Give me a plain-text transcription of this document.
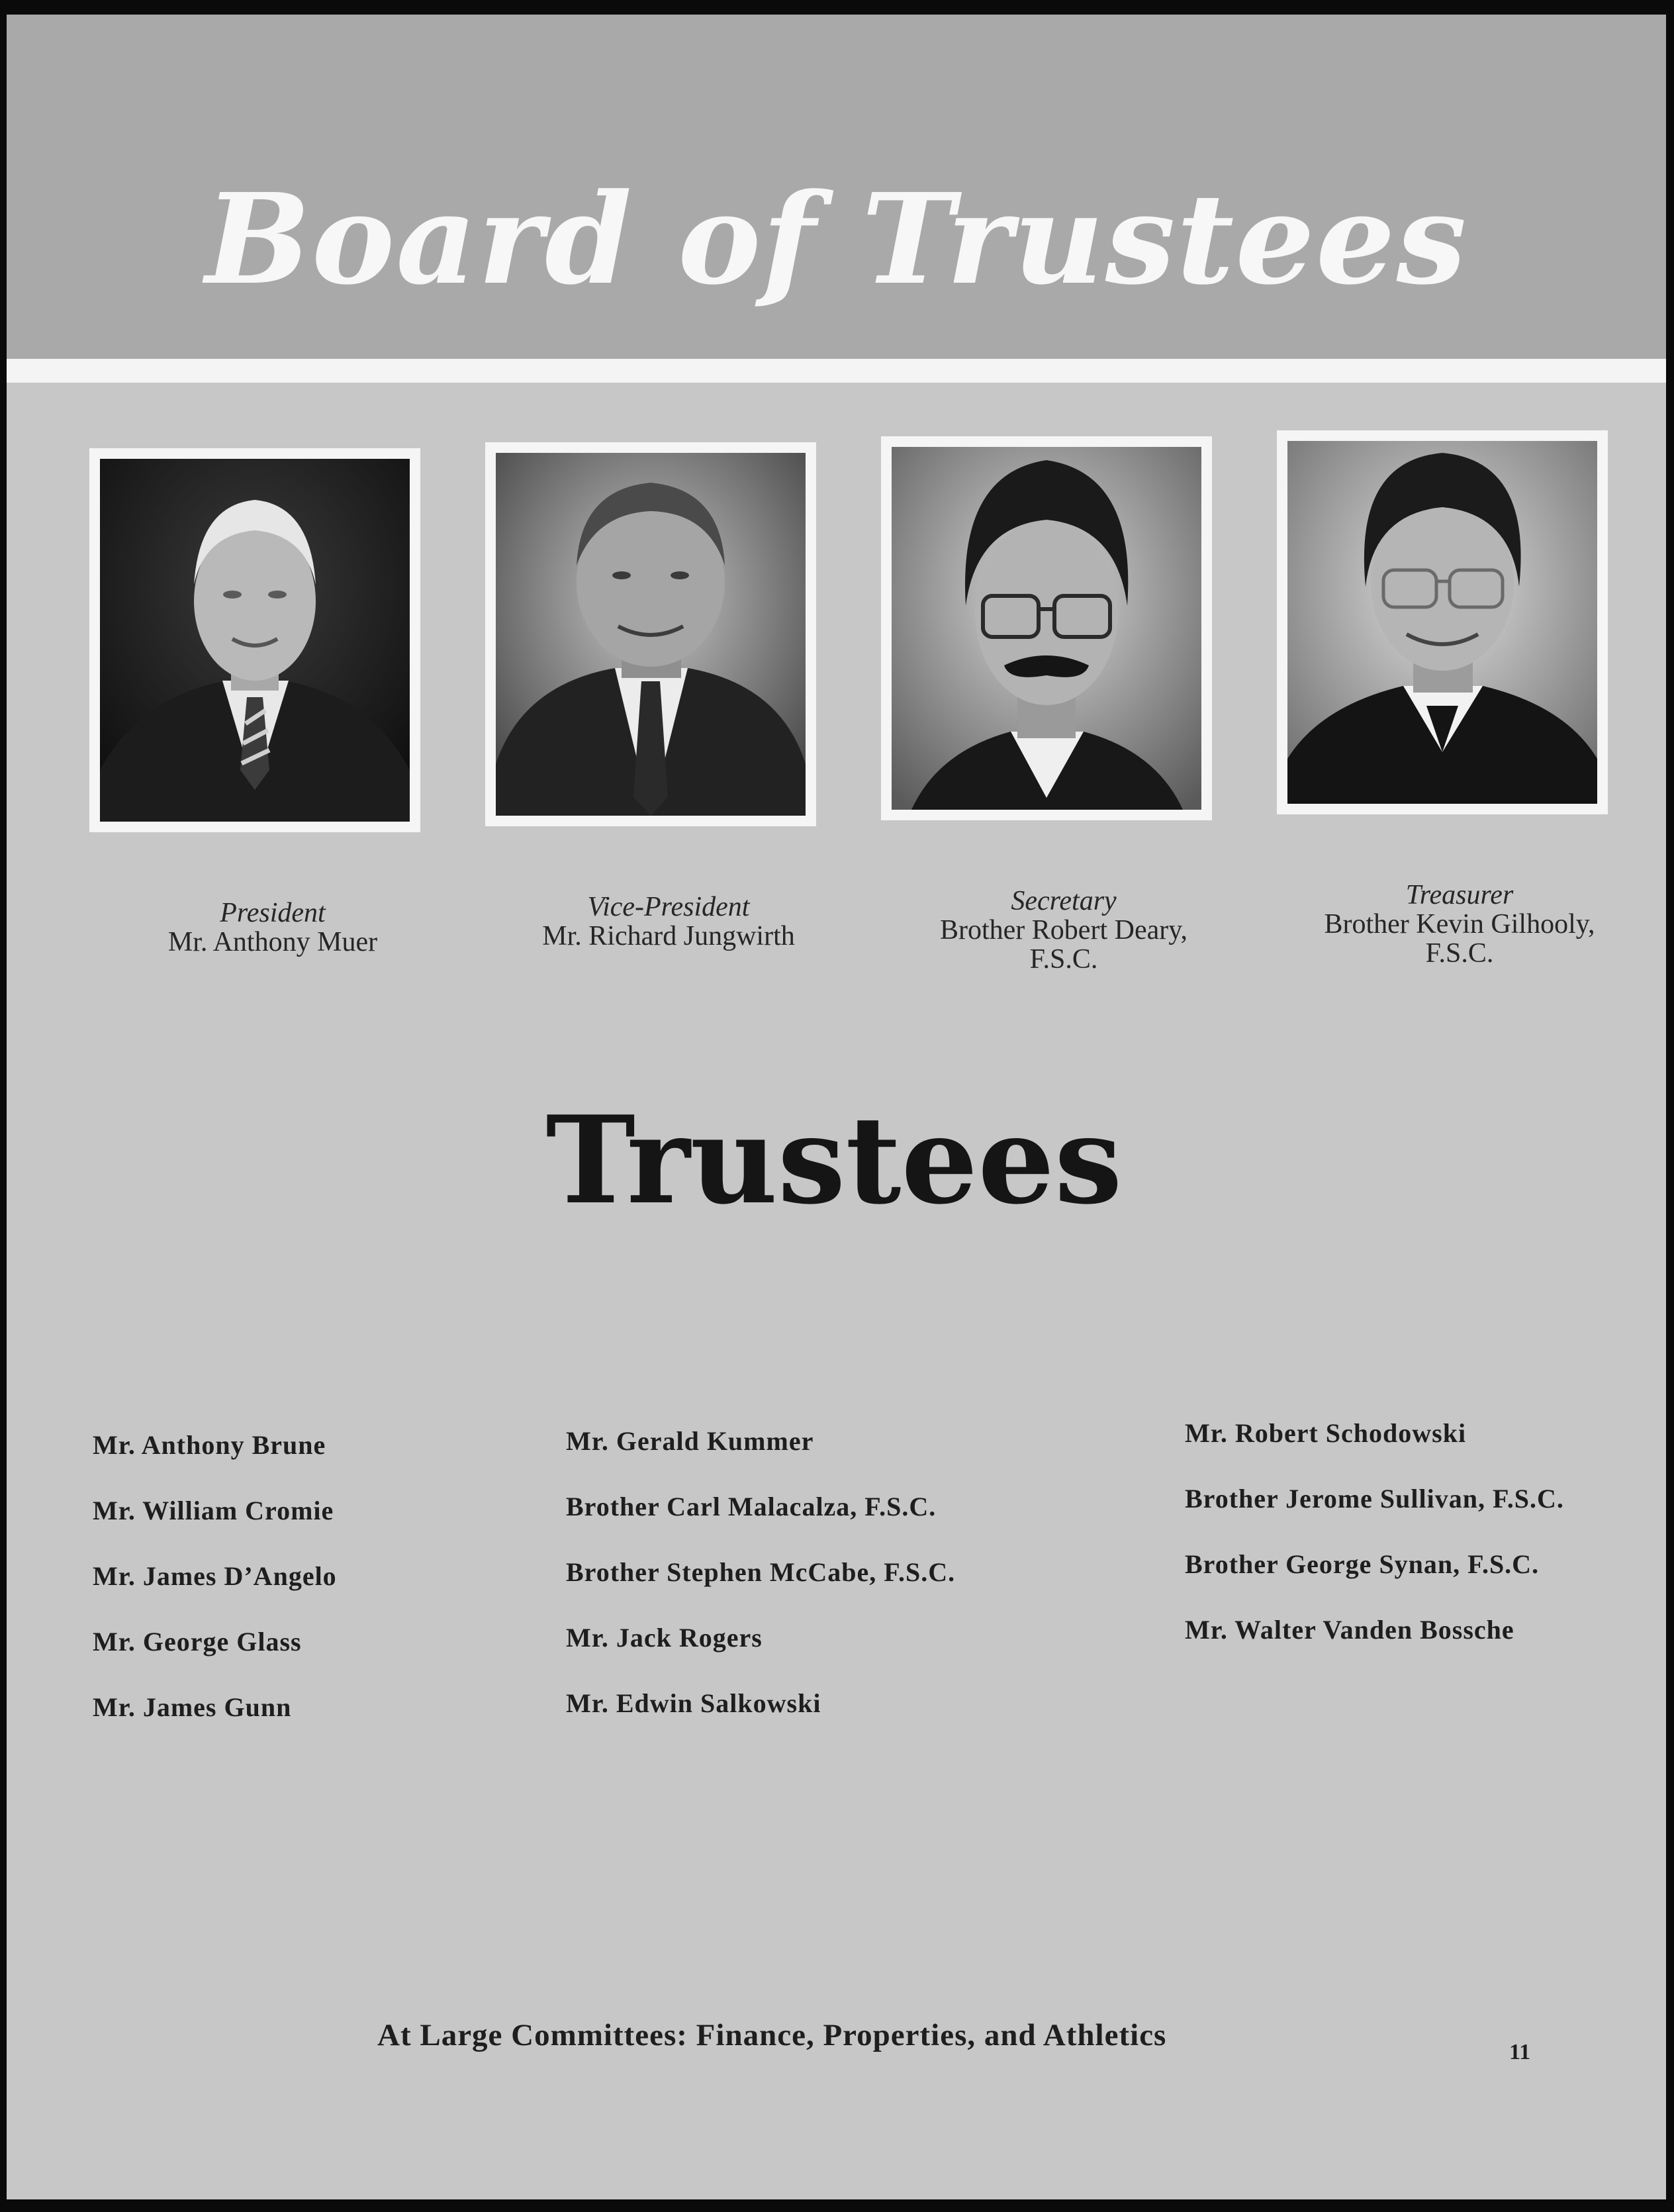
Board of Trustees
President
Mr. Anthony Muer
Vice-President
Mr. Richard Jungwirth
Secretary
Brother Robert Deary,
F.S.C.
Treasurer
Brother Kevin Gilhooly,
F.S.C.
Trustees
Mr. Anthony Brune
Mr. William Cromie
Mr. James D’Angelo
Mr. George Glass
Mr. James Gunn
Mr. Gerald Kummer
Brother Carl Malacalza, F.S.C.
Brother Stephen McCabe, F.S.C.
Mr. Jack Rogers
Mr. Edwin Salkowski
Mr. Robert Schodowski
Brother Jerome Sullivan, F.S.C.
Brother George Synan, F.S.C.
Mr. Walter Vanden Bossche

At Large Committees: Finance, Properties, and Athletics	11
